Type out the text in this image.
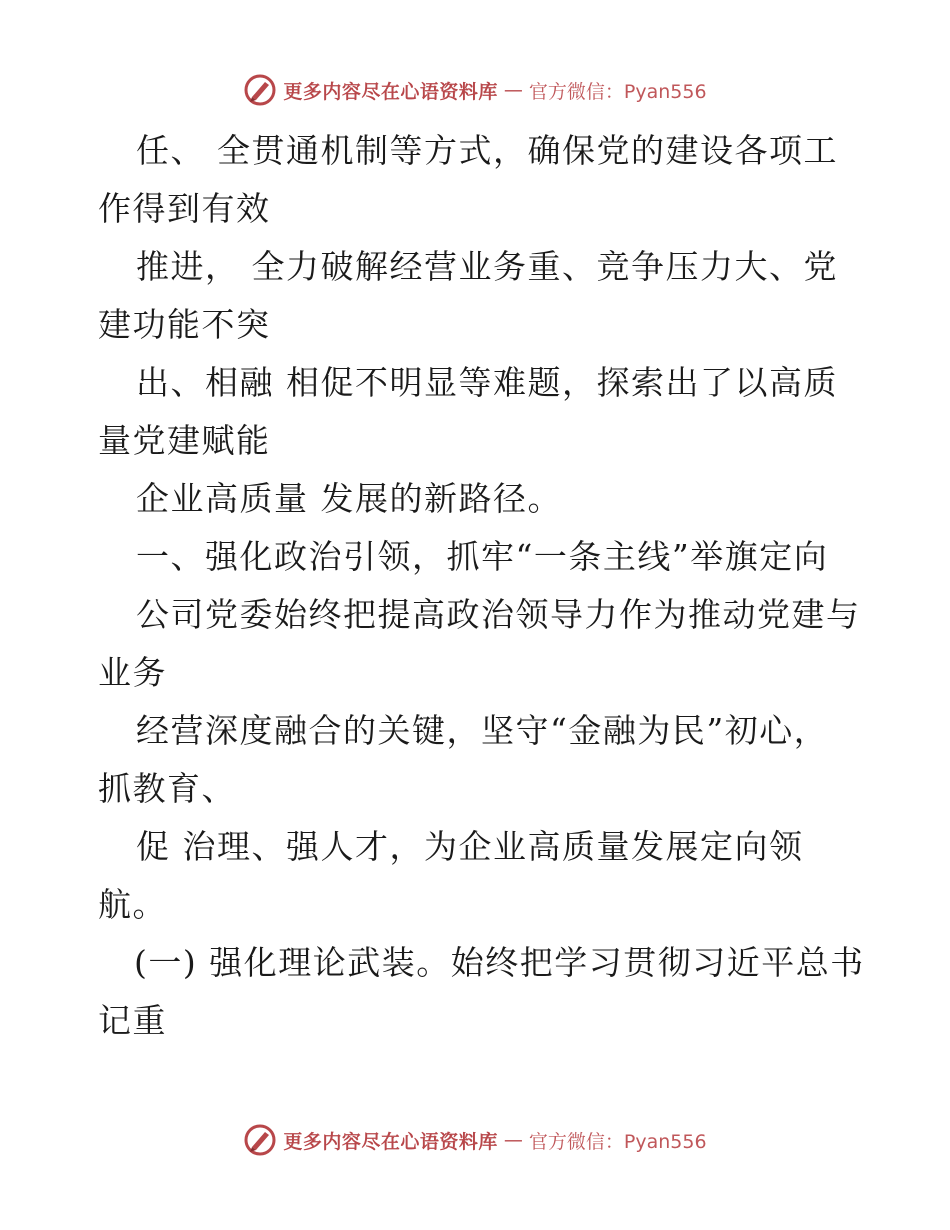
更多内容尽在心语资料库 — 官方微信：Pyan556
任、 全贯通机制等方式，确保党的建设各项工
作得到有效
推进， 全力破解经营业务重、竞争压力大、党
建功能不突
出、相融 相促不明显等难题，探索出了以高质
量党建赋能
企业高质量 发展的新路径。
一、强化政治引领，抓牢“一条主线”举旗定向
公司党委始终把提高政治领导力作为推动党建与
业务
经营深度融合的关键，坚守“金融为民”初心，
抓教育、
促 治理、强人才，为企业高质量发展定向领
航。
(一) 强化理论武装。始终把学习贯彻习近平总书
记重
更多内容尽在心语资料库 — 官方微信：Pyan556
